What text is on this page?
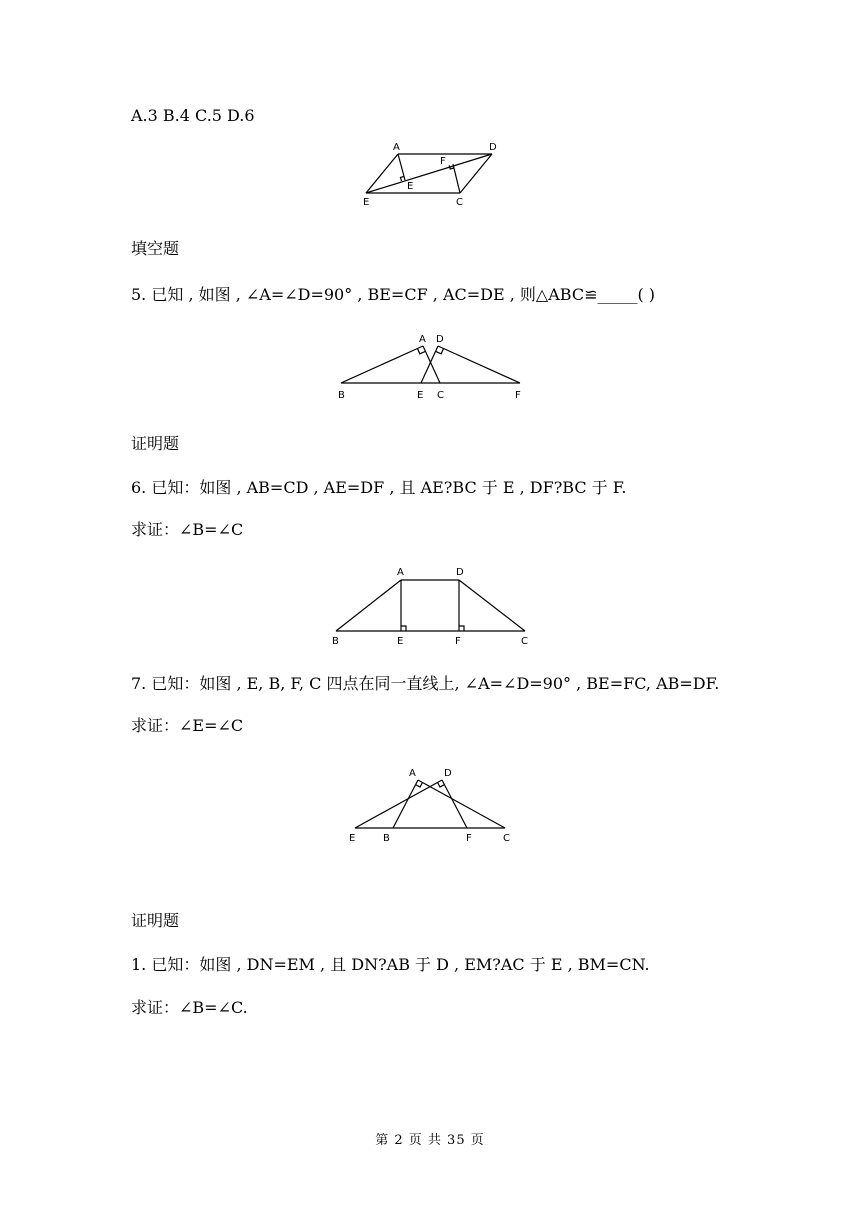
A.3 B.4 C.5 D.6
A	D
F
E
E	C
填空题
5. 已知 , 如图 , ∠A=∠D=90° , BE=CF , AC=DE , 则△ABC≌_____( )
A D
B	E C	F
证明题
6. 已知：如图 , AB=CD , AE=DF , 且 AE?BC 于 E , DF?BC 于 F.
求证：∠B=∠C
A	D
B	E	F	C
7. 已知：如图 , E, B, F, C 四点在同一直线上, ∠A=∠D=90° , BE=FC, AB=DF.
求证：∠E=∠C
A	D
E	B	F	C
证明题
1. 已知：如图 , DN=EM , 且 DN?AB 于 D , EM?AC 于 E , BM=CN.
求证：∠B=∠C.
第 2 页 共 35 页
